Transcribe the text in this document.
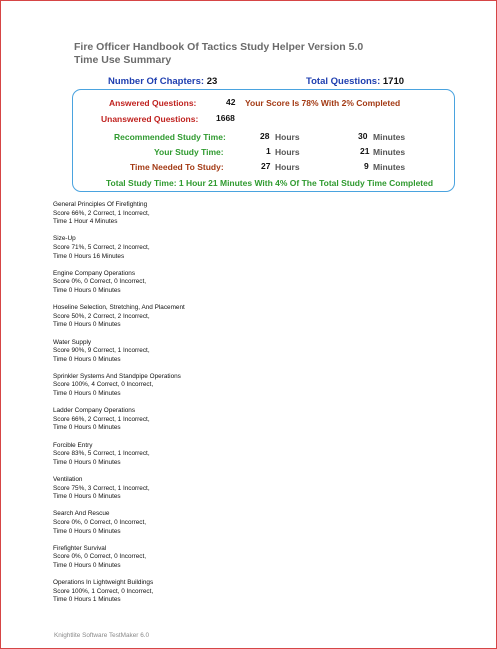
Fire Officer Handbook Of Tactics Study Helper Version 5.0
Time Use Summary
Number Of Chapters: 23	Total Questions: 1710
Answered Questions:	42 Your Score Is 78% With 2% Completed
Unanswered Questions: 1668
Recommended Study Time:	28 Hours	30 Minutes
Your Study Time:	1 Hours	21 Minutes
Time Needed To Study:	27 Hours	9 Minutes
Total Study Time: 1 Hour 21 Minutes With 4% Of The Total Study Time Completed
General Principles Of Firefighting
Score 66%, 2 Correct, 1 Incorrect,
Time 1 Hour 4 Minutes
Size-Up
Score 71%, 5 Correct, 2 Incorrect,
Time 0 Hours 16 Minutes
Engine Company Operations
Score 0%, 0 Correct, 0 Incorrect,
Time 0 Hours 0 Minutes
Hoseline Selection, Stretching, And Placement
Score 50%, 2 Correct, 2 Incorrect,
Time 0 Hours 0 Minutes
Water Supply
Score 90%, 9 Correct, 1 Incorrect,
Time 0 Hours 0 Minutes
Sprinkler Systems And Standpipe Operations
Score 100%, 4 Correct, 0 Incorrect,
Time 0 Hours 0 Minutes
Ladder Company Operations
Score 66%, 2 Correct, 1 Incorrect,
Time 0 Hours 0 Minutes
Forcible Entry
Score 83%, 5 Correct, 1 Incorrect,
Time 0 Hours 0 Minutes
Ventilation
Score 75%, 3 Correct, 1 Incorrect,
Time 0 Hours 0 Minutes
Search And Rescue
Score 0%, 0 Correct, 0 Incorrect,
Time 0 Hours 0 Minutes
Firefighter Survival
Score 0%, 0 Correct, 0 Incorrect,
Time 0 Hours 0 Minutes
Operations In Lightweight Buildings
Score 100%, 1 Correct, 0 Incorrect,
Time 0 Hours 1 Minutes
Knightlite Software TestMaker 6.0
